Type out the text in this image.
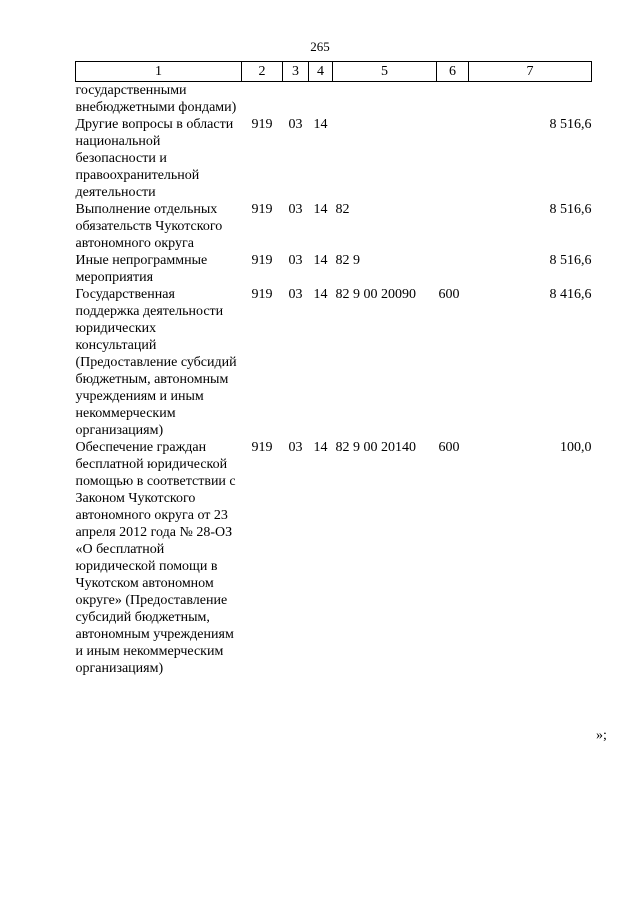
265
1	2	3	4	5	6	7
государственными внебюджетными фондами)						
Другие вопросы в области национальной безопасности и правоохранительной деятельности	919	03	14			8 516,6
Выполнение отдельных обязательств Чукотского автономного округа	919	03	14	82		8 516,6
Иные непрограммные мероприятия	919	03	14	82 9		8 516,6
Государственная поддержка деятельности юридических консультаций (Предоставление субсидий бюджетным, автономным учреждениям и иным некоммерческим организациям)	919	03	14	82 9 00 20090	600	8 416,6
Обеспечение граждан бесплатной юридической помощью в соответствии с Законом Чукотского автономного округа от 23 апреля 2012 года № 28-ОЗ «О бесплатной юридической помощи в Чукотском автономном округе» (Предоставление субсидий бюджетным, автономным учреждениям и иным некоммерческим организациям)	919	03	14	82 9 00 20140	600	100,0
»;
